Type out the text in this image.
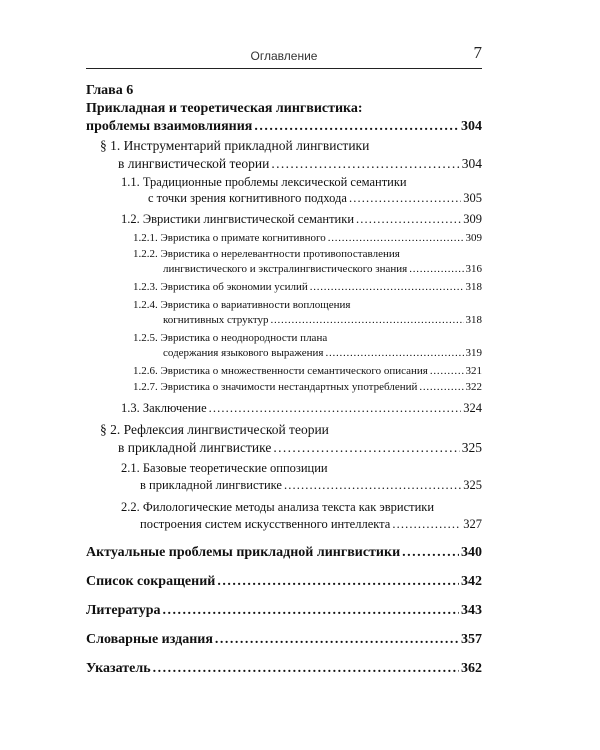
Оглавление	7
Глава 6
Прикладная и теоретическая лингвистика:
проблемы взаимовлияния . . .	304
§ 1. Инструментарий прикладной лингвистики
в лингвистической теории . . .	304
1.1. Традиционные проблемы лексической семантики
с точки зрения когнитивного подхода . . .	305
1.2. Эвристики лингвистической семантики . . .	309
1.2.1. Эвристика о примате когнитивного . . .	309
1.2.2. Эвристика о нерелевантности противопоставления
лингвистического и экстралингвистического знания . . .	316
1.2.3. Эвристика об экономии усилий . . .	318
1.2.4. Эвристика о вариативности воплощения
когнитивных структур . . .	318
1.2.5. Эвристика о неоднородности плана
содержания языкового выражения . . .	319
1.2.6. Эвристика о множественности семантического описания . . .	321
1.2.7. Эвристика о значимости нестандартных употреблений . . .	322
1.3. Заключение . . .	324
§ 2. Рефлексия лингвистической теории
в прикладной лингвистике . . .	325
2.1. Базовые теоретические оппозиции
в прикладной лингвистике . . .	325
2.2. Филологические методы анализа текста как эвристики
построения систем искусственного интеллекта . . .	327
Актуальные проблемы прикладной лингвистики . . .	340
Список сокращений . . .	342
Литература . . .	343
Словарные издания . . .	357
Указатель . . .	362
